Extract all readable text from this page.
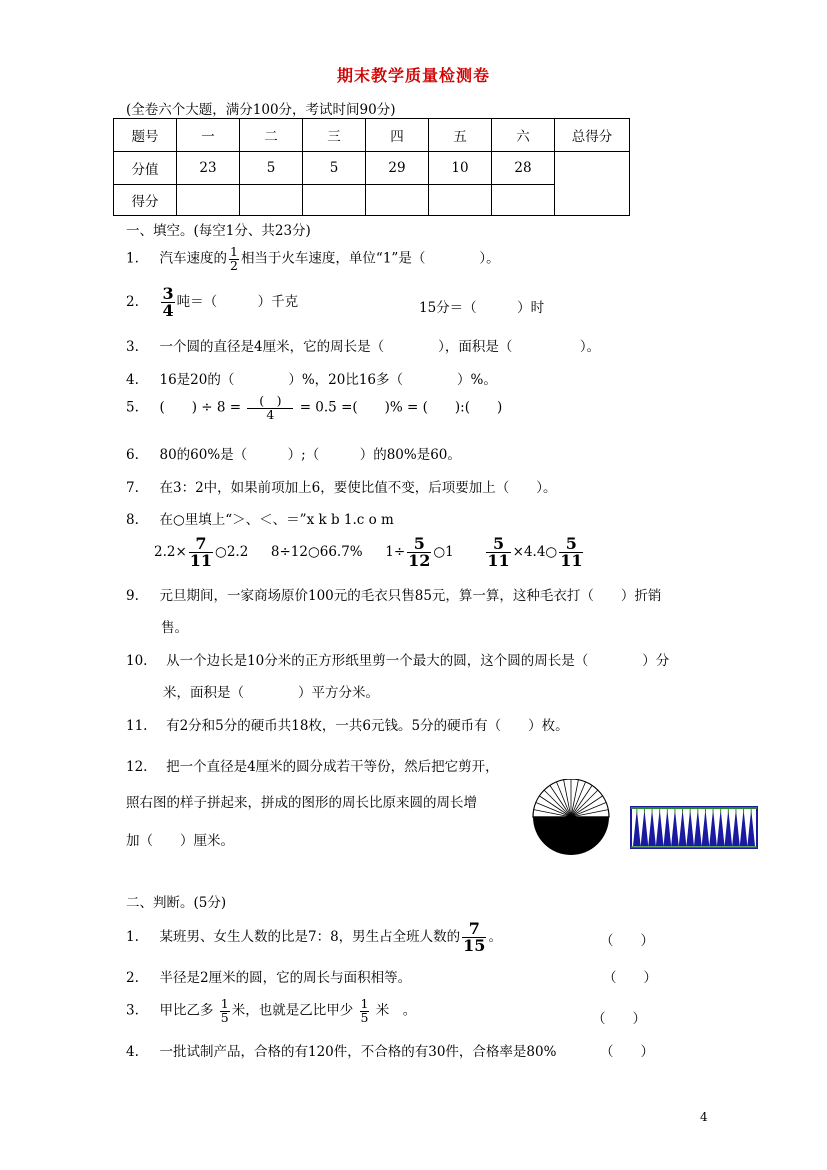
期末教学质量检测卷
(全卷六个大题，满分100分，考试时间90分)
题号	一	二	三	四	五	六	总得分
分值	23	5	5	29	10	28	
得分							
一、填空。(每空1分、共23分)
1. 汽车速度的 $\frac{1}{2}$ 相当于火车速度，单位“1”是（　　　　）。
2. $\frac{3}{4}$ 吨＝（　　　）千克	15分＝（　　　）时
3. 一个圆的直径是4厘米，它的周长是（　　　　），面积是（　　　　　）。
4. 16是20的（　　　　）%，20比16多（　　　　）%。
5. (　　) ÷ $8 = \frac{( )}{4} = 0.5$ =(　　)% = (　　):(　　)
6. 80的60%是（　　　）;（　　　）的80%是60。
7. 在3：2中，如果前项加上6，要使比值不变，后项要加上（　　）。
8. 在○里填上“＞、＜、＝”x k b 1.c o m
$2.2\times \frac{7}{11}$ ○2.2 8÷12○66.7% $1\div \frac{5}{12}$ ○1 $\frac{5}{11}$ ×4.4○ $\frac{5}{11}$
9. 元旦期间，一家商场原价100元的毛衣只售85元，算一算，这种毛衣打（　　）折销
售。
10. 从一个边长是10分米的正方形纸里剪一个最大的圆，这个圆的周长是（　　　　）分
米，面积是（　　　　）平方分米。
11. 有2分和5分的硬币共18枚，一共6元钱。5分的硬币有（　　）枚。
12. 把一个直径是4厘米的圆分成若干等份，然后把它剪开，
照右图的样子拼起来，拼成的图形的周长比原来圆的周长增
加（　　）厘米。
二、判断。(5分)
1. 某班男、女生人数的比是7：8，男生占全班人数的 $\frac{7}{15}$ 。	（　　）
2. 半径是2厘米的圆，它的周长与面积相等。	（　　）
3. 甲比乙多 $\frac{1}{5}$ 米，也就是乙比甲少 $\frac{1}{5}$ 米　。
（　　）
4. 一批试制产品，合格的有120件，不合格的有30件，合格率是80%	（　　）
4
